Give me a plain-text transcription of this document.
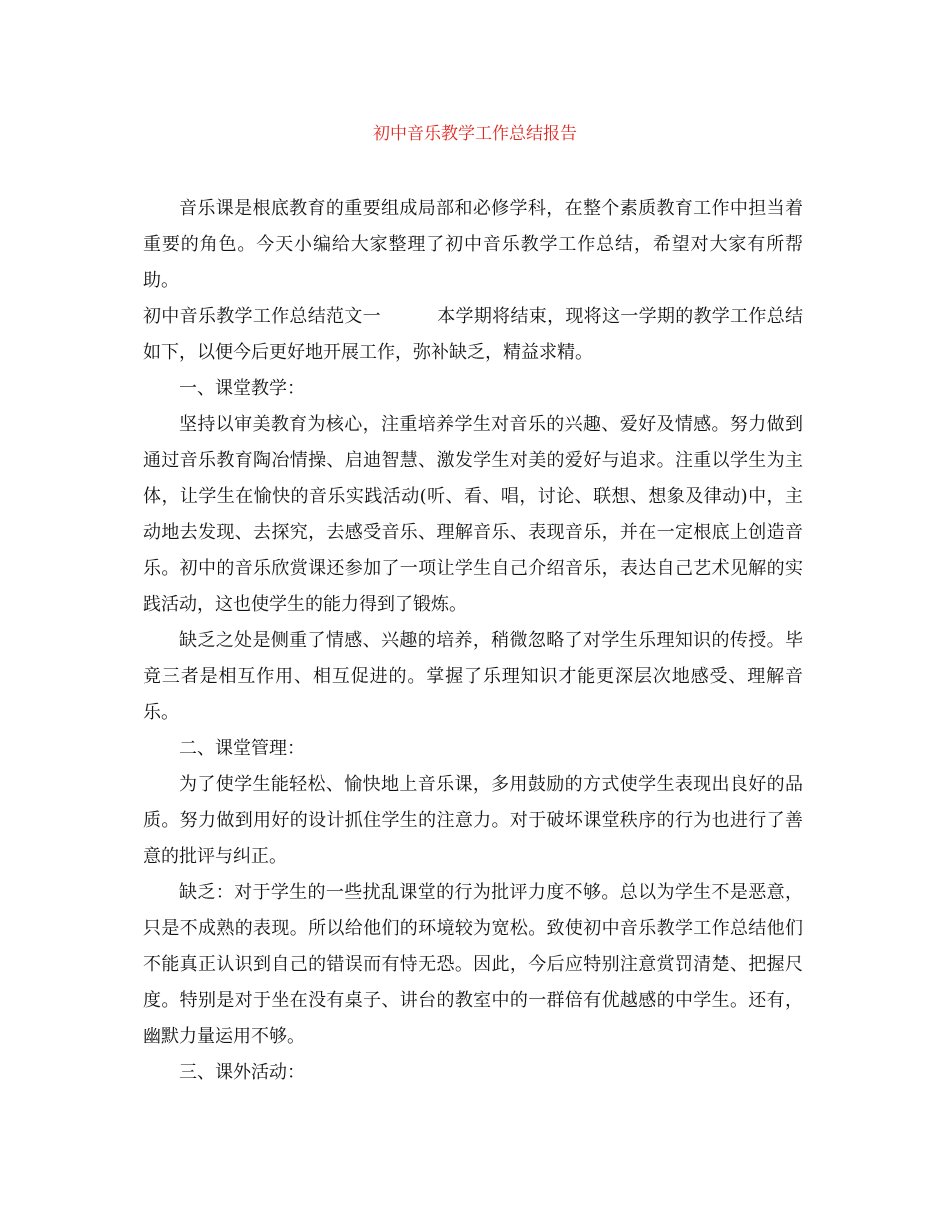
初中音乐教学工作总结报告

音乐课是根底教育的重要组成局部和必修学科，在整个素质教育工作中担当着重要的角色。今天小编给大家整理了初中音乐教学工作总结，希望对大家有所帮助。

初中音乐教学工作总结范文一	本学期将结束，现将这一学期的教学工作总结如下，以便今后更好地开展工作，弥补缺乏，精益求精。

一、课堂教学：

坚持以审美教育为核心，注重培养学生对音乐的兴趣、爱好及情感。努力做到通过音乐教育陶冶情操、启迪智慧、激发学生对美的爱好与追求。注重以学生为主体，让学生在愉快的音乐实践活动(听、看、唱，讨论、联想、想象及律动)中，主动地去发现、去探究，去感受音乐、理解音乐、表现音乐，并在一定根底上创造音乐。初中的音乐欣赏课还参加了一项让学生自己介绍音乐，表达自己艺术见解的实践活动，这也使学生的能力得到了锻炼。

缺乏之处是侧重了情感、兴趣的培养，稍微忽略了对学生乐理知识的传授。毕竟三者是相互作用、相互促进的。掌握了乐理知识才能更深层次地感受、理解音乐。

二、课堂管理：

为了使学生能轻松、愉快地上音乐课，多用鼓励的方式使学生表现出良好的品质。努力做到用好的设计抓住学生的注意力。对于破坏课堂秩序的行为也进行了善意的批评与纠正。

缺乏：对于学生的一些扰乱课堂的行为批评力度不够。总以为学生不是恶意，只是不成熟的表现。所以给他们的环境较为宽松。致使初中音乐教学工作总结他们不能真正认识到自己的错误而有恃无恐。因此，今后应特别注意赏罚清楚、把握尺度。特别是对于坐在没有桌子、讲台的教室中的一群倍有优越感的中学生。还有，幽默力量运用不够。

三、课外活动：
